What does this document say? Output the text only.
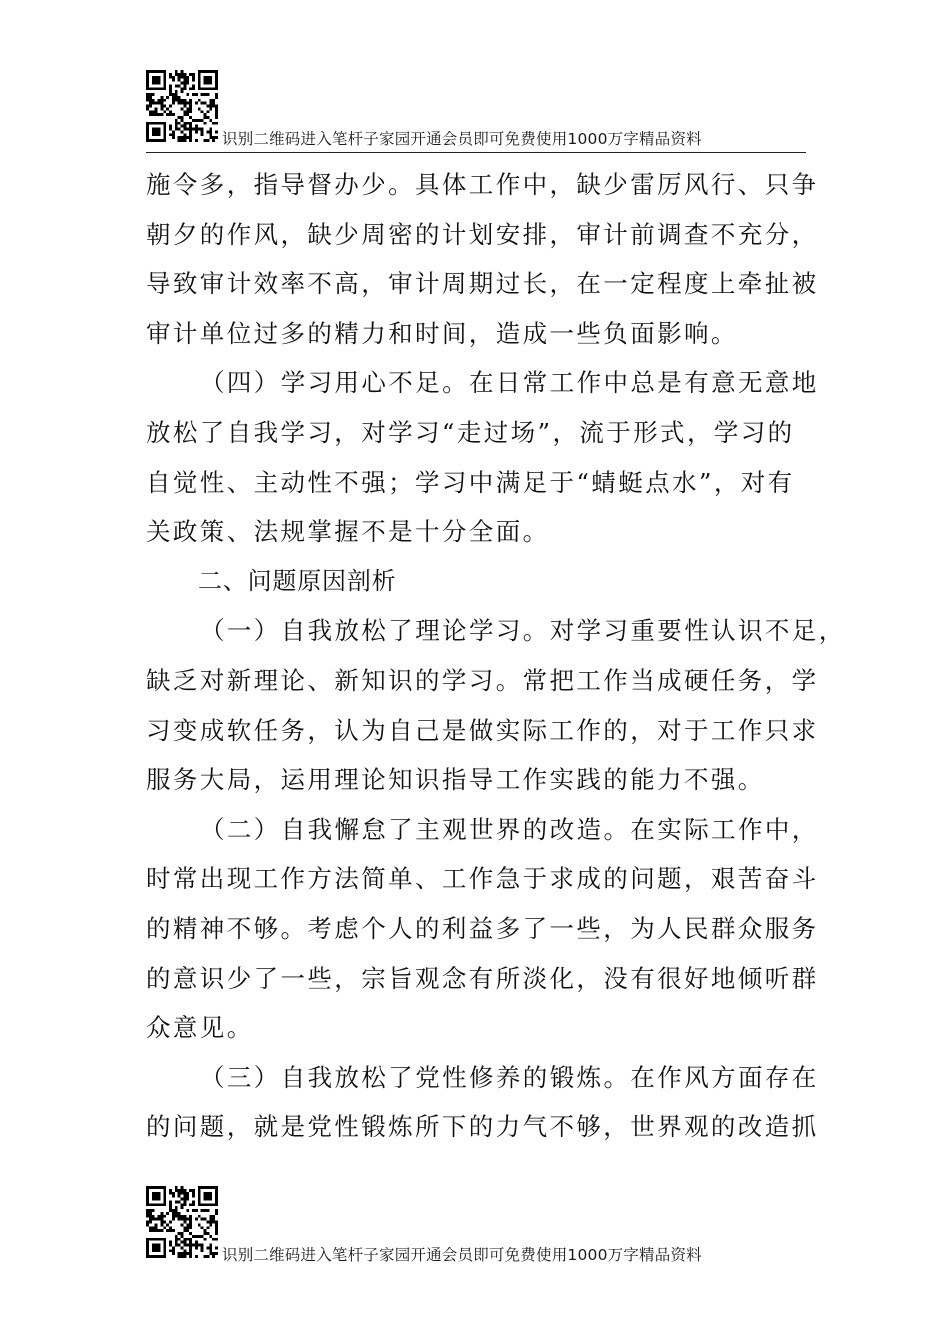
识别二维码进入笔杆子家园开通会员即可免费使用1000万字精品资料
施令多，指导督办少。具体工作中，缺少雷厉风行、只争
朝夕的作风，缺少周密的计划安排，审计前调查不充分，
导致审计效率不高，审计周期过长，在一定程度上牵扯被
审计单位过多的精力和时间，造成一些负面影响。
（四）学习用心不足。在日常工作中总是有意无意地
放松了自我学习，对学习“走过场”，流于形式，学习的
自觉性、主动性不强；学习中满足于“蜻蜓点水”，对有
关政策、法规掌握不是十分全面。
二、问题原因剖析
（一）自我放松了理论学习。对学习重要性认识不足，
缺乏对新理论、新知识的学习。常把工作当成硬任务，学
习变成软任务，认为自己是做实际工作的，对于工作只求
服务大局，运用理论知识指导工作实践的能力不强。
（二）自我懈怠了主观世界的改造。在实际工作中，
时常出现工作方法简单、工作急于求成的问题，艰苦奋斗
的精神不够。考虑个人的利益多了一些，为人民群众服务
的意识少了一些，宗旨观念有所淡化，没有很好地倾听群
众意见。
（三）自我放松了党性修养的锻炼。在作风方面存在
的问题，就是党性锻炼所下的力气不够，世界观的改造抓
识别二维码进入笔杆子家园开通会员即可免费使用1000万字精品资料
